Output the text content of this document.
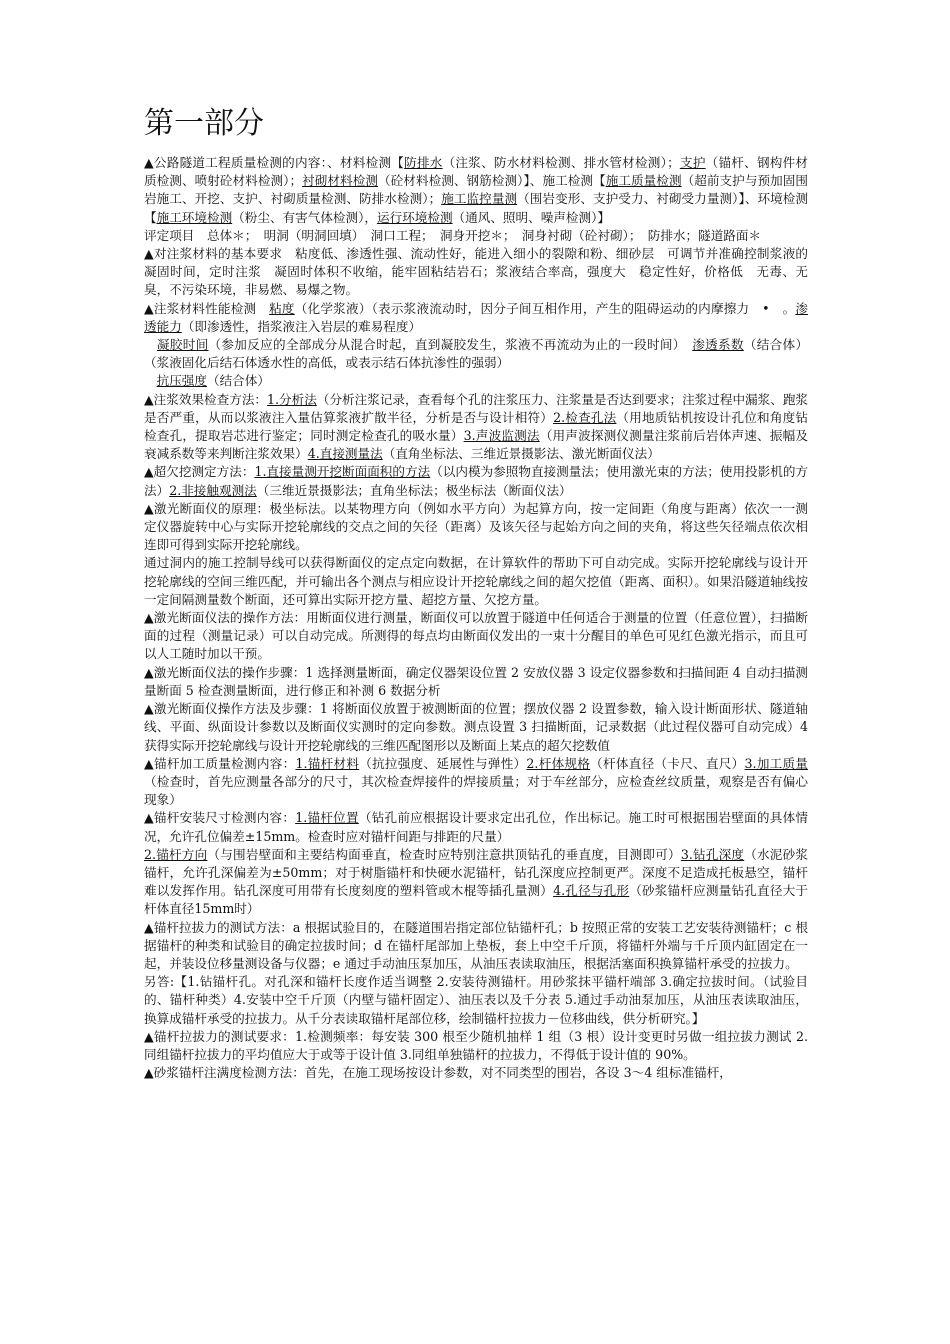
第一部分

▲公路隧道工程质量检测的内容：、材料检测【防排水（注浆、防水材料检测、排水管材检测）；支护（锚杆、钢构件材质检测、喷射砼材料检测）；衬砌材料检测（砼材料检测、钢筋检测）】、施工检测【施工质量检测（超前支护与预加固围岩施工、开挖、支护、衬砌质量检测、防排水检测）；施工监控量测（围岩变形、支护受力、衬砌受力量测）】、环境检测【施工环境检测（粉尘、有害气体检测），运行环境检测（通风、照明、噪声检测）】

评定项目　总体＊；　明洞（明洞回填）　洞口工程；　洞身开挖＊；　洞身衬砌（砼衬砌）；　防排水；隧道路面＊

▲对注浆材料的基本要求　粘度低、渗透性强、流动性好，能进入细小的裂隙和粉、细砂层　可调节并准确控制浆液的凝固时间，定时注浆　凝固时体积不收缩，能牢固粘结岩石；浆液结合率高，强度大　稳定性好，价格低　无毒、无臭，不污染环境，非易燃、易爆之物。

▲注浆材料性能检测　粘度（化学浆液）（表示浆液流动时，因分子间互相作用，产生的阻碍运动的内摩擦力　•　。渗透能力（即渗透性，指浆液注入岩层的难易程度）

　凝胶时间（参加反应的全部成分从混合时起，直到凝胶发生，浆液不再流动为止的一段时间）　渗透系数（结合体）（浆液固化后结石体透水性的高低，或表示结石体抗渗性的强弱）

　抗压强度（结合体）

▲注浆效果检查方法：1.分析法（分析注浆记录，查看每个孔的注浆压力、注浆量是否达到要求；注浆过程中漏浆、跑浆是否严重，从而以浆液注入量估算浆液扩散半径，分析是否与设计相符）2.检查孔法（用地质钻机按设计孔位和角度钻检查孔，提取岩芯进行鉴定；同时测定检查孔的吸水量）3.声波监测法（用声波探测仪测量注浆前后岩体声速、振幅及衰减系数等来判断注浆效果）4.直接测量法（直角坐标法、三维近景摄影法、激光断面仪法）

▲超欠挖测定方法：1.直接量测开挖断面面积的方法（以内模为参照物直接测量法；使用激光束的方法；使用投影机的方法）2.非接触观测法（三维近景摄影法；直角坐标法；极坐标法（断面仪法）

▲激光断面仪的原理：极坐标法。以某物理方向（例如水平方向）为起算方向，按一定间距（角度与距离）依次一一测定仪器旋转中心与实际开挖轮廓线的交点之间的矢径（距离）及该矢径与起始方向之间的夹角，将这些矢径端点依次相连即可得到实际开挖轮廓线。

通过洞内的施工控制导线可以获得断面仪的定点定向数据，在计算软件的帮助下可自动完成。实际开挖轮廓线与设计开挖轮廓线的空间三维匹配，并可输出各个测点与相应设计开挖轮廓线之间的超欠挖值（距离、面积）。如果沿隧道轴线按一定间隔测量数个断面，还可算出实际开挖方量、超挖方量、欠挖方量。

▲激光断面仪法的操作方法：用断面仪进行测量，断面仪可以放置于隧道中任何适合于测量的位置（任意位置），扫描断面的过程（测量记录）可以自动完成。所测得的每点均由断面仪发出的一束十分醒目的单色可见红色激光指示，而且可以人工随时加以干预。

▲激光断面仪法的操作步骤：1 选择测量断面，确定仪器架设位置 2 安放仪器 3 设定仪器参数和扫描间距 4 自动扫描测量断面 5 检查测量断面，进行修正和补测 6 数据分析

▲激光断面仪操作方法及步骤：1 将断面仪放置于被测断面的位置；摆放仪器 2 设置参数，输入设计断面形状、隧道轴线、平面、纵面设计参数以及断面仪实测时的定向参数。测点设置 3 扫描断面，记录数据（此过程仪器可自动完成）4 获得实际开挖轮廓线与设计开挖轮廓线的三维匹配图形以及断面上某点的超欠挖数值

▲锚杆加工质量检测内容：1.锚杆材料（抗拉强度、延展性与弹性）2.杆体规格（杆体直径（卡尺、直尺）3.加工质量（检查时，首先应测量各部分的尺寸，其次检查焊接件的焊接质量；对于车丝部分，应检查丝纹质量，观察是否有偏心现象）

▲锚杆安装尺寸检测内容：1.锚杆位置（钻孔前应根据设计要求定出孔位，作出标记。施工时可根据围岩壁面的具体情况，允许孔位偏差±15mm。检查时应对锚杆间距与排距的尺量）

2.锚杆方向（与围岩壁面和主要结构面垂直，检查时应特别注意拱顶钻孔的垂直度，目测即可）3.钻孔深度（水泥砂浆锚杆，允许孔深偏差为±50mm；对于树脂锚杆和快硬水泥锚杆，钻孔深度应控制更严。深度不足造成托板悬空，锚杆难以发挥作用。钻孔深度可用带有长度刻度的塑料管或木棍等插孔量测）4.孔径与孔形（砂浆锚杆应测量钻孔直径大于杆体直径15mm时）

▲锚杆拉拔力的测试方法：a 根据试验目的，在隧道围岩指定部位钻锚杆孔；b 按照正常的安装工艺安装待测锚杆；c 根据锚杆的种类和试验目的确定拉拔时间；d 在锚杆尾部加上垫板，套上中空千斤顶，将锚杆外端与千斤顶内缸固定在一起，并装设位移量测设备与仪器；e 通过手动油压泵加压，从油压表读取油压，根据活塞面积换算锚杆承受的拉拔力。

另答:【1.钻锚杆孔。对孔深和锚杆长度作适当调整 2.安装待测锚杆。用砂浆抹平锚杆端部 3.确定拉拔时间。（试验目的、锚杆种类）4.安装中空千斤顶（内壁与锚杆固定）、油压表以及千分表 5.通过手动油泵加压，从油压表读取油压，换算成锚杆承受的拉拔力。从千分表读取锚杆尾部位移，绘制锚杆拉拔力－位移曲线，供分析研究。】

▲锚杆拉拔力的测试要求：1.检测频率：每安装 300 根至少随机抽样 1 组（3 根）设计变更时另做一组拉拔力测试 2.同组锚杆拉拔力的平均值应大于或等于设计值 3.同组单独锚杆的拉拔力，不得低于设计值的 90%。

▲砂浆锚杆注满度检测方法：首先，在施工现场按设计参数，对不同类型的围岩，各设 3～4 组标准锚杆，
